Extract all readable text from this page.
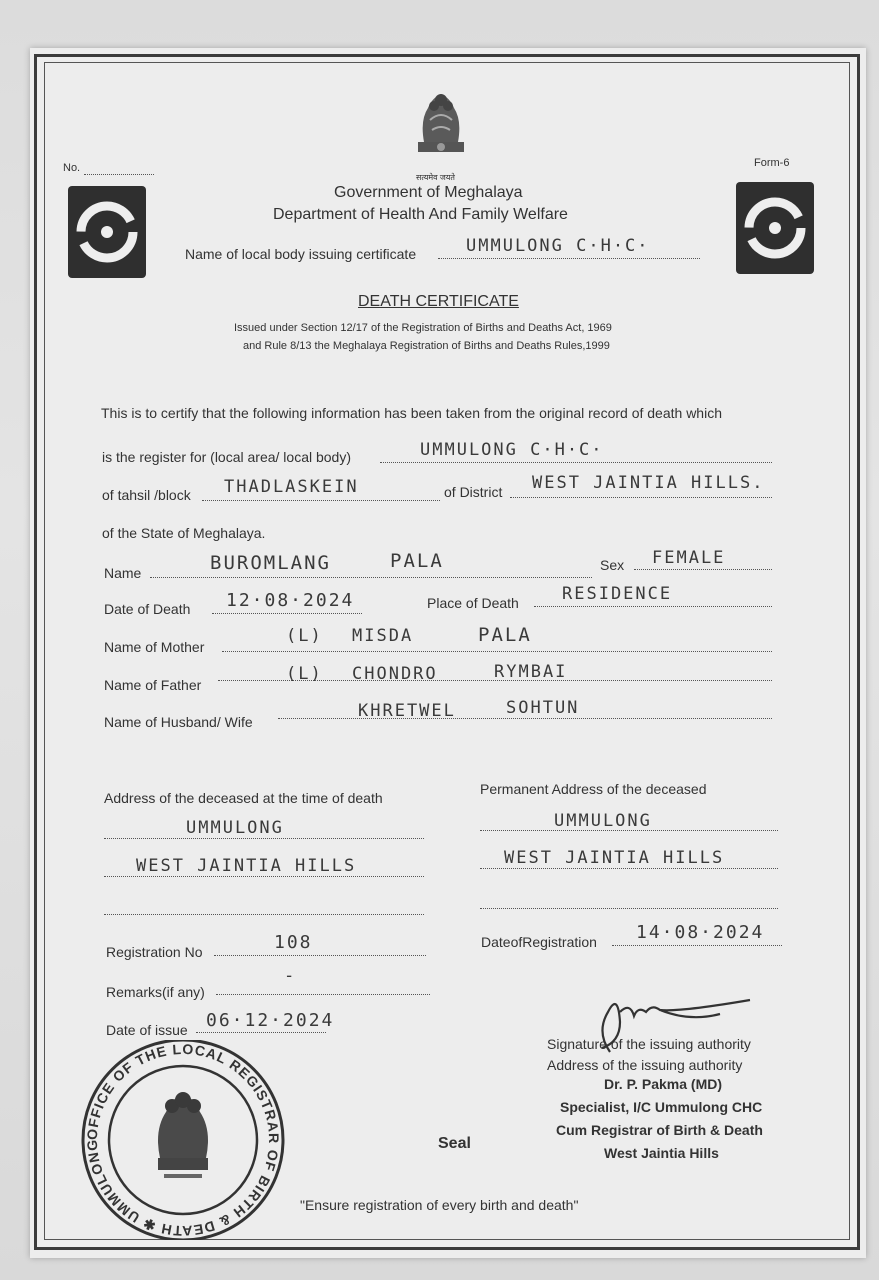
सत्यमेव जयते
No.	Form-6
Government of Meghalaya
Department of Health And Family Welfare
Name of local body issuing certificate	UMMULONG C·H·C·
DEATH CERTIFICATE
Issued under Section 12/17 of the Registration of Births and Deaths Act, 1969
and Rule 8/13 the Meghalaya Registration of Births and Deaths Rules,1999
This is to certify that the following information has been taken from the original record of death which
is the register for (local area/ local body)	UMMULONG C·H·C·
of tahsil /block THADLASKEIN	of District WEST JAINTIA HILLS.
of the State of Meghalaya.
Name	BUROMLANG	PALA	Sex FEMALE
Date of Death 12·08·2024	Place of Death	RESIDENCE
Name of Mother
(L) MISDA	PALA
Name of Father
(L) CHONDRO	RYMBAI
Name of Husband/ Wife
KHRETWEL	SOHTUN
Address of the deceased at the time of death
UMMULONG
WEST JAINTIA HILLS
Permanent Address of the deceased
UMMULONG
WEST JAINTIA HILLS
Registration No	108	DateofRegistration 14·08·2024
Remarks(if any)
-
Date of issue 06·12·2024
Signature of the issuing authority
Address of the issuing authority
Dr. P. Pakma (MD)
Specialist, I/C Ummulong CHC
Cum Registrar of Birth & Death
West Jaintia Hills
OFFICE OF THE LOCAL REGISTRAR OF BIRTH & DEATH ✱ UMMULONG	Seal
"Ensure registration of every birth and death"
